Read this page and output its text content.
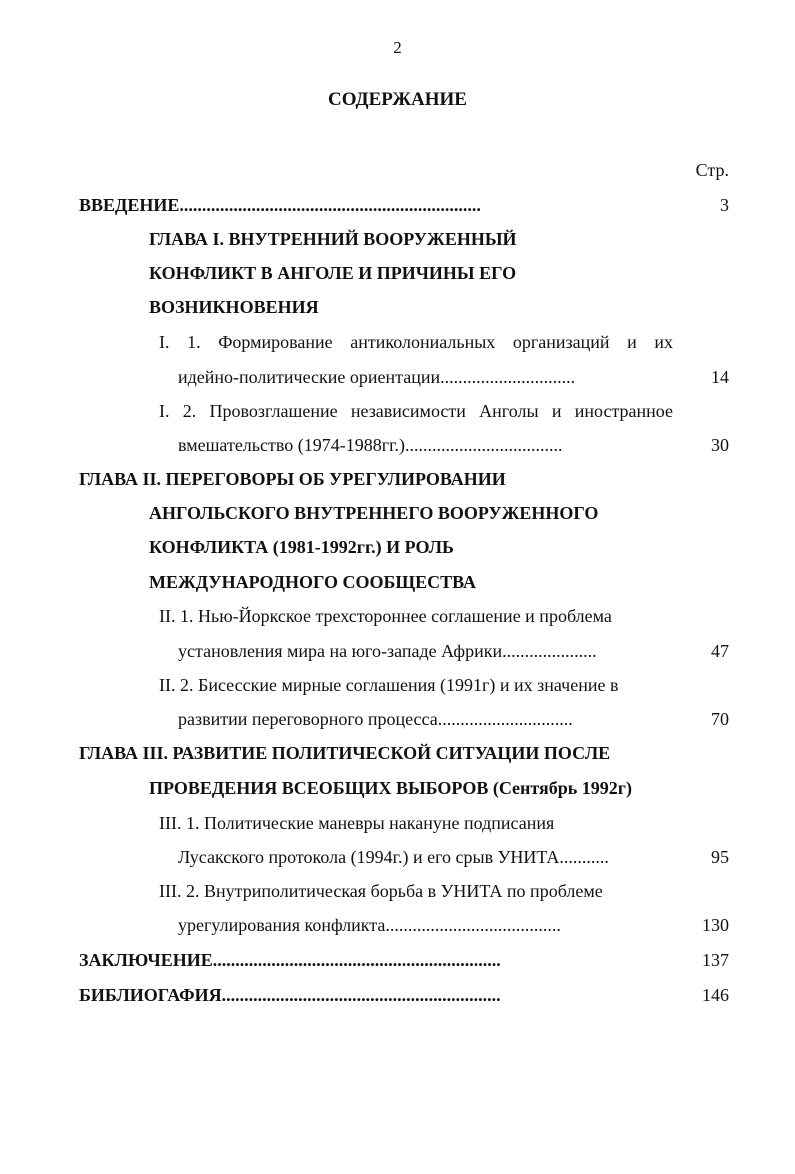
2
СОДЕРЖАНИЕ
Стр.
ВВЕДЕНИЕ ...................................................................	3
ГЛАВА I. ВНУТРЕННИЙ ВООРУЖЕННЫЙ
КОНФЛИКТ В АНГОЛЕ И ПРИЧИНЫ ЕГО
ВОЗНИКНОВЕНИЯ
I. 1. Формирование антиколониальных организаций и их
идейно-политические ориентации ..............................	14
I. 2. Провозглашение независимости Анголы и иностранное
вмешательство (1974-1988гг.) ...................................	30
ГЛАВА II. ПЕРЕГОВОРЫ ОБ УРЕГУЛИРОВАНИИ
АНГОЛЬСКОГО ВНУТРЕННЕГО ВООРУЖЕННОГО
КОНФЛИКТА (1981-1992гг.) И РОЛЬ
МЕЖДУНАРОДНОГО СООБЩЕСТВА
II. 1. Нью-Йоркское трехстороннее соглашение и проблема
установления мира на юго-западе Африки .....................	47
II. 2. Бисесские мирные соглашения (1991г) и их значение в
развитии переговорного процесса ..............................	70
ГЛАВА III. РАЗВИТИЕ ПОЛИТИЧЕСКОЙ СИТУАЦИИ ПОСЛЕ
ПРОВЕДЕНИЯ ВСЕОБЩИХ ВЫБОРОВ (Сентябрь 1992г)
III. 1. Политические маневры накануне подписания
Лусакского протокола (1994г.) и его срыв УНИТА ...........	95
III. 2. Внутриполитическая борьба в УНИТА по проблеме
урегулирования конфликта .......................................	130
ЗАКЛЮЧЕНИЕ ................................................................	137
БИБЛИОГАФИЯ ..............................................................	146
